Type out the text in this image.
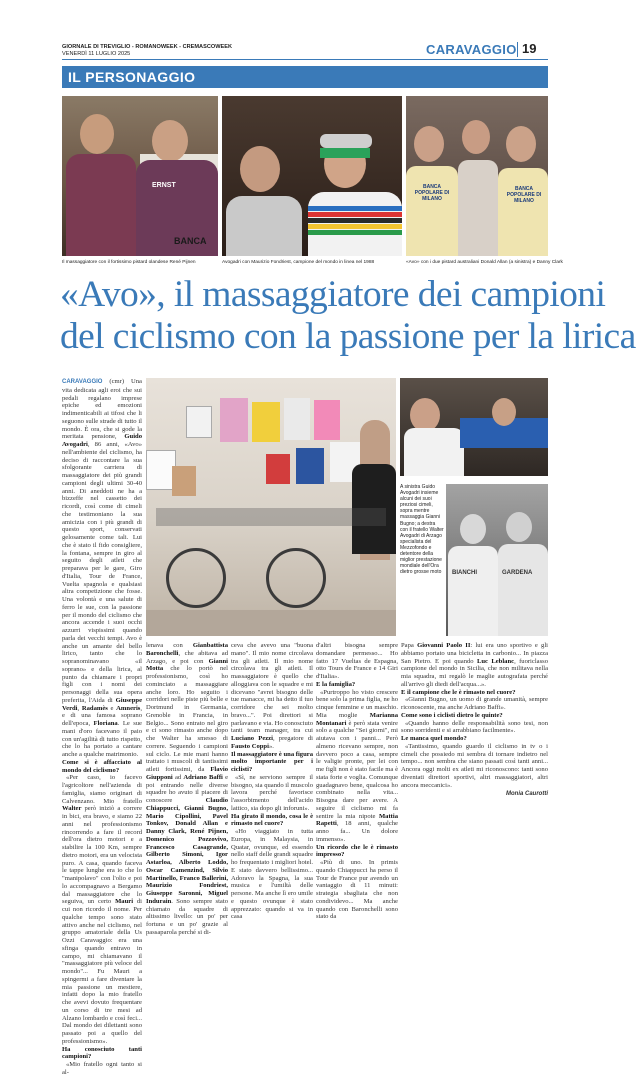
GIORNALE DI TREVIGLIO - ROMANOWEEK - CREMASCOWEEK
VENERDÌ 11 LUGLIO 2025	CARAVAGGIO 19
IL PERSONAGGIO
ERNST
BANCA
Il massaggiatore con il fortissimo pistard olandese René Pijnen	Avogadri con Maurizio Fondriest, campione del mondo in linea nel 1988
BANCA POPOLARE DI MILANO
BANCA POPOLARE DI MILANO
«Avo» con i due pistard australiani Donald Allan (a sinistra) e Danny Clark
«Avo», il massaggiatore dei campioni
del ciclismo con la passione per la lirica
BIANCHI	GARDENA
A sinistra Guido Avogadri insieme alcuni dei suoi preziosi cimeli, sopra mentre massaggia Gianni Bugno; a destra con il fratello Walter Avogadri di Arzago specialista del Mezzofondo e detentore della miglior prestazione mondiale dell'Ora dietro grosse moto

CARAVAGGIO (cmr) Una vita dedicata agli eroi che sui pedali regalano imprese epiche ed emozioni indimenticabili ai tifosi che li seguono sulle strade di tutto il mondo. È ora, che si gode la meritata pensione, Guido Avogadri, 86 anni, «Avo» nell'ambiente del ciclismo, ha deciso di raccontare la sua sfolgorante carriera di massaggiatore dei più grandi campioni degli ultimi 30-40 anni. Di aneddoti ne ha a bizzeffe nel cassetto dei ricordi, così come di cimeli che testimoniano la sua amicizia con i più grandi di questo sport, conservati gelosamente come tali. Lui che è stato il fido consigliere, la fontana, sempre in giro al seguito degli atleti che preparava per le gare, Giro d'Italia, Tour de France, Vuelta spagnola e qualsiasi altra competizione che fosse. Una volontà e una salute di ferro le sue, con la passione per il mondo del ciclismo che ancora accende i suoi occhi azzurri vispissimi quando parla dei vecchi tempi. Avo è anche un amante del bello lirico, tanto che lo sopranominavano «il soprano» e della lirica, al punto da chiamare i propri figli con i nomi dei personaggi della sua opera preferita, l'Aida di Giuseppe Verdi, Radamès e Amneris, e di una famosa soprano dell'epoca, Floriana. Le sue mani d'oro facevano il paio con un'agilità di tutto rispetto, che lo ha portato a cantare anche a qualche matrimonio.

Come si è affacciato al mondo del ciclismo?

«Per caso, io facevo l'agricoltore nell'azienda di famiglia, siamo originari di Calvenzano. Mio fratello Walter però iniziò a correre in bici, era bravo, e siamo 22 anni nel professionismo rincorrendo a fare il record dell'ora dietro motori e a stabilire la 100 Km, sempre dietro motori, era un velocista puro. A casa, quando faceva le tappe lunghe era io che lo "manipolavo" con l'olio e poi lo accompagnavo a Bergamo dal massaggiatore che lo seguiva, un certo Mauri di cui non ricordo il nome. Per qualche tempo sono stato attivo anche nel ciclismo, nel gruppo amatoriale della Us Ozzi Caravaggio: era una sfinga quando entravo in campo, mi chiamavano il "massaggiatore più veloce del mondo"... Fu Mauri a spingermi a fare diventare la mia passione un mestiere, infatti dopo la mio fratello che avevi dovuto frequentare un corso di tre mesi ad Alzano lombardo e così feci... Dal mondo dei dilettanti sono passato poi a quello del professionismo».

Ha conosciuto tanti campioni?

«Mio fratello ogni tanto si al-

lenava con Gianbattista Baronchelli, che abitava ad Arzago, e poi con Gianni Motta che lo portò nel professionismo, così ho cominciato a massaggiare anche loro. Ho seguito i corridori nelle piste più belle e Dortmund in Germania, Grenoble in Francia, in Belgio... Sono entrato nel giro e ci sono rimasto anche dopo che Walter ha smesso di correre. Seguendo i campioni sul ciclo. Le mie mani hanno trattato i muscoli di tantissimi atleti fortissimi, da Flavio Giupponi ad Adriano Baffi e poi entrando nelle diverse squadre ho avuto il piacere di conoscere	Claudio Chiappucci, Gianni Bugno, Mario Cipollini, Pavel Tonkov, Donald Allan e Danny Clark, René Pijnen, Domenico Pozzovivo, Francesco Casagrande, Gilberto Simoni, Igor Astarloa, Alberto Loddo, Oscar Camenzind, Silvio Martinello, Franco Ballerini, Maurizio Fondriest, Giuseppe Saronni, Miguel Indurain. Sono sempre stato chiamato da squadre di altissimo livello: un po' per fortuna e un po' grazie al passaparola perché si di-

ceva che avevo una "buona mano". Il mio nome circolava tra gli atleti. Il mio nome circolava tra gli atleti. Il massaggiatore è quello che alloggiava con le squadre e mi dicevano "avrei bisogno delle tue manacce, mi ha detto il tuo corridore che sei molto bravo...". Poi direttori si parlavano e via. Ho conosciuto tanti team manager, tra cui Luciano Pezzi, pregatore di Fausto Coppi».

Il massaggiatore è una figura molto importante per i ciclisti?

«Sì, ne serviono sempre il bisogno, sia quando il muscolo lavora perché favorisce l'assorbimento dell'acido lattico, sia dopo gli inforuni».

Ha girato il mondo, cosa le è rimasto nel cuore?

«Ho viaggiato in tutta Europa, in Malaysia, in Quatar, ovunque, ed essendo nello staff delle grandi squadre ho frequentato i migliori hotel. E stato davvero bellissimo... Adoravo la Spagna, la sua musica e l'umiltà delle persone. Ma anche lì ero umile e questo ovunque è stato apprezzato: quando si va in casa

d'altri bisogna sempre domandare permesso... Ho fatto 17 Vueltas de Espagna, otto Tours de France e 14 Giri d'Italia».

E la famiglia?

«Purtroppo ho visto crescere bene solo la prima figlia, ne ho cinque femmine e un maschio. Mia moglie Marianna Montanari è però stata venire solo a qualche "Sei giorni", mi aiutava con i panni... Però almeno ricevano sempre, non davvero poco a casa, sempre le valigie pronte, per lei con me figli non è stato facile ma è stata forte e voglia. Comunque guadagnavo bene, qualcosa ho combinato nella vita... Bisogna dare per avere. A seguire il ciclismo mi fa sentire la mia nipote Mattia Rapetti, 18 anni, qualche anno fa... Un dolore immenso».

Un ricordo che le è rimasto impresso?

«Più di uno. In primis quando Chiappucci ha perso il Tour de France pur avendo un vantaggio di 11 minuti: strategia sbagliata che non condividevo... Ma anche quando con Baronchelli sono stato da

Papa Giovanni Paolo II: lui era uno sportivo e gli abbiamo portato una bicicletta in carbonio... In piazza San Pietro. E poi quando Luc Leblanc, fuoriclasso campione del mondo in Sicilia, che non militava nella mia squadra, mi regalò le maglie autografata perché all'arrivo gli diedi dell'acqua...».

E il campione che le è rimasto nel cuore?

«Gianni Bugno, un uomo di grande umanità, sempre riconoscente, ma anche Adriano Baffi».

Come sono i ciclisti dietro le quinte?

«Quando hanno delle responsabilità sono tesi, non sono sorridenti e si arrabbiano facilmente».

Le manca quel mondo?

«Tantissimo, quando guardo il ciclismo in tv o i cimeli che possiedo mi sembra di tornare indietro nel tempo... non sembra che siano passati così tanti anni... Ancora oggi molti ex atleti mi riconoscono: tanti sono diventati direttori sportivi, altri massaggiatori, altri ancora meccanici».

Monia Caurotti
